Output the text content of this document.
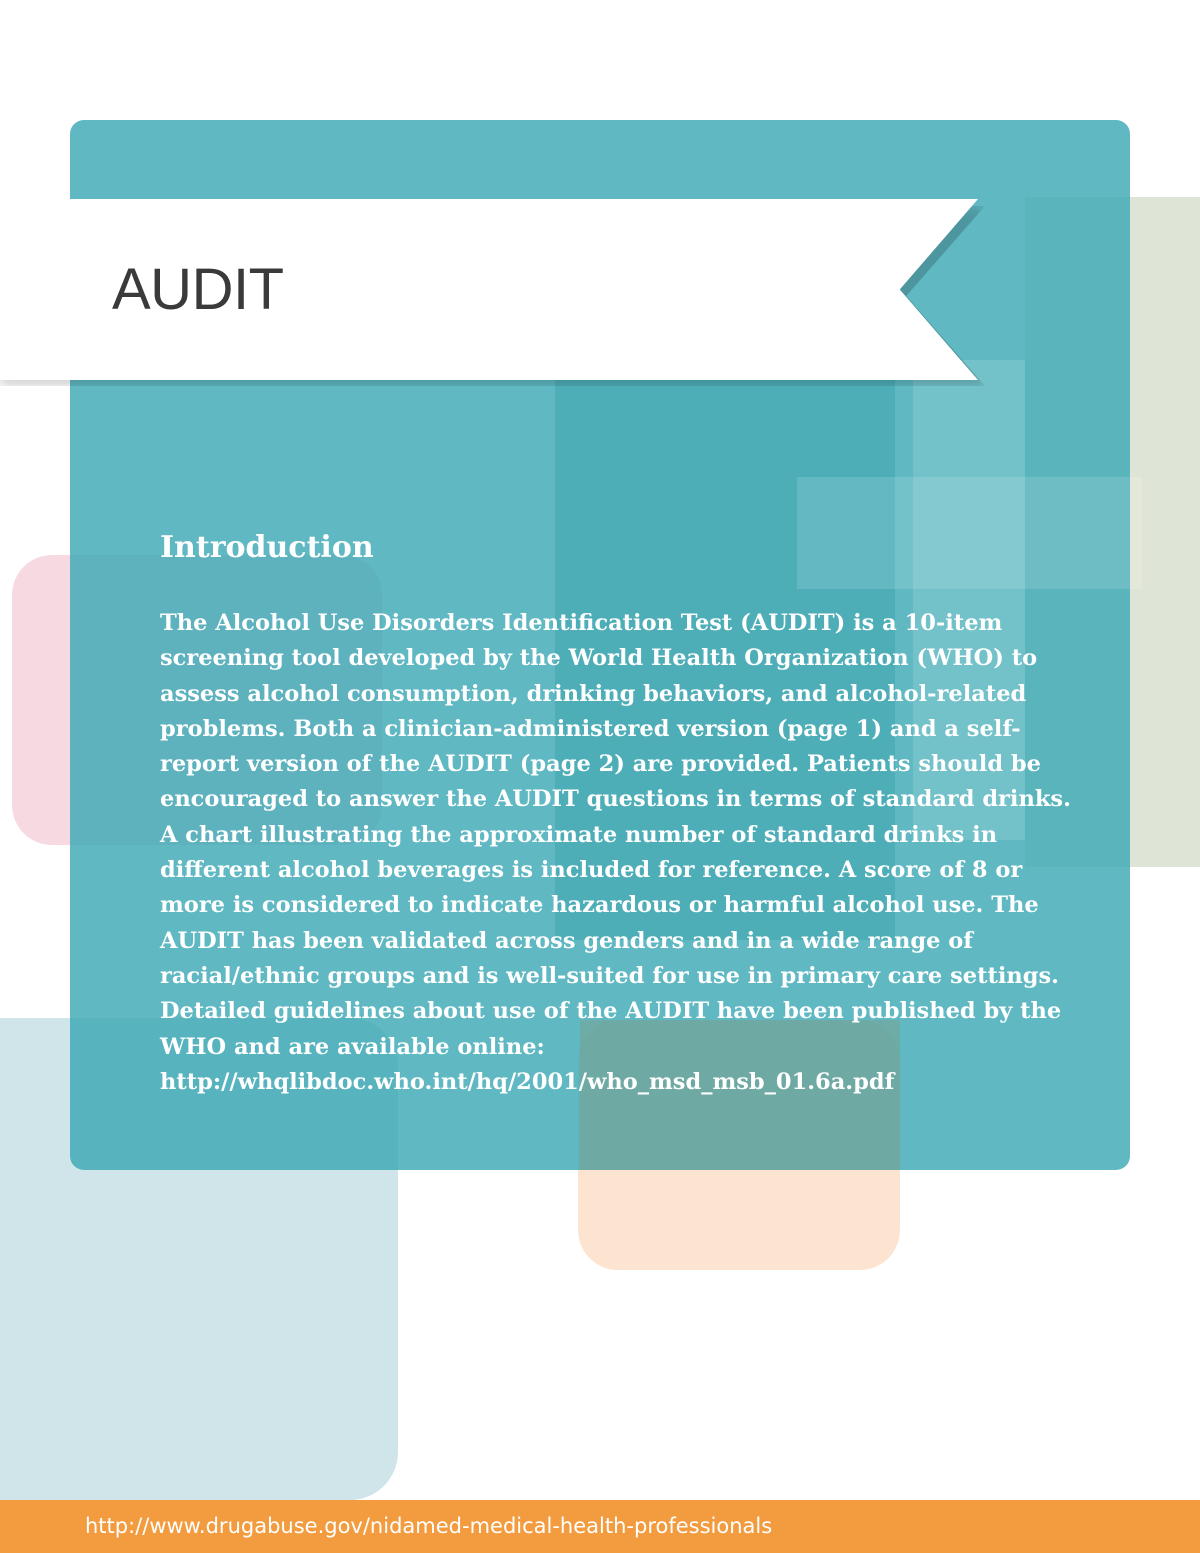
AUDIT
Introduction
The Alcohol Use Disorders Identification Test (AUDIT) is a 10-item screening tool developed by the World Health Organization (WHO) to assess alcohol consumption, drinking behaviors, and alcohol-related problems. Both a clinician-administered version (page 1) and a self-report version of the AUDIT (page 2) are provided. Patients should be encouraged to answer the AUDIT questions in terms of standard drinks. A chart illustrating the approximate number of standard drinks in different alcohol beverages is included for reference. A score of 8 or more is considered to indicate hazardous or harmful alcohol use. The AUDIT has been validated across genders and in a wide range of racial/ethnic groups and is well-suited for use in primary care settings. Detailed guidelines about use of the AUDIT have been published by the WHO and are available online:
http://whqlibdoc.who.int/hq/2001/who_msd_msb_01.6a.pdf
http://www.drugabuse.gov/nidamed-medical-health-professionals
